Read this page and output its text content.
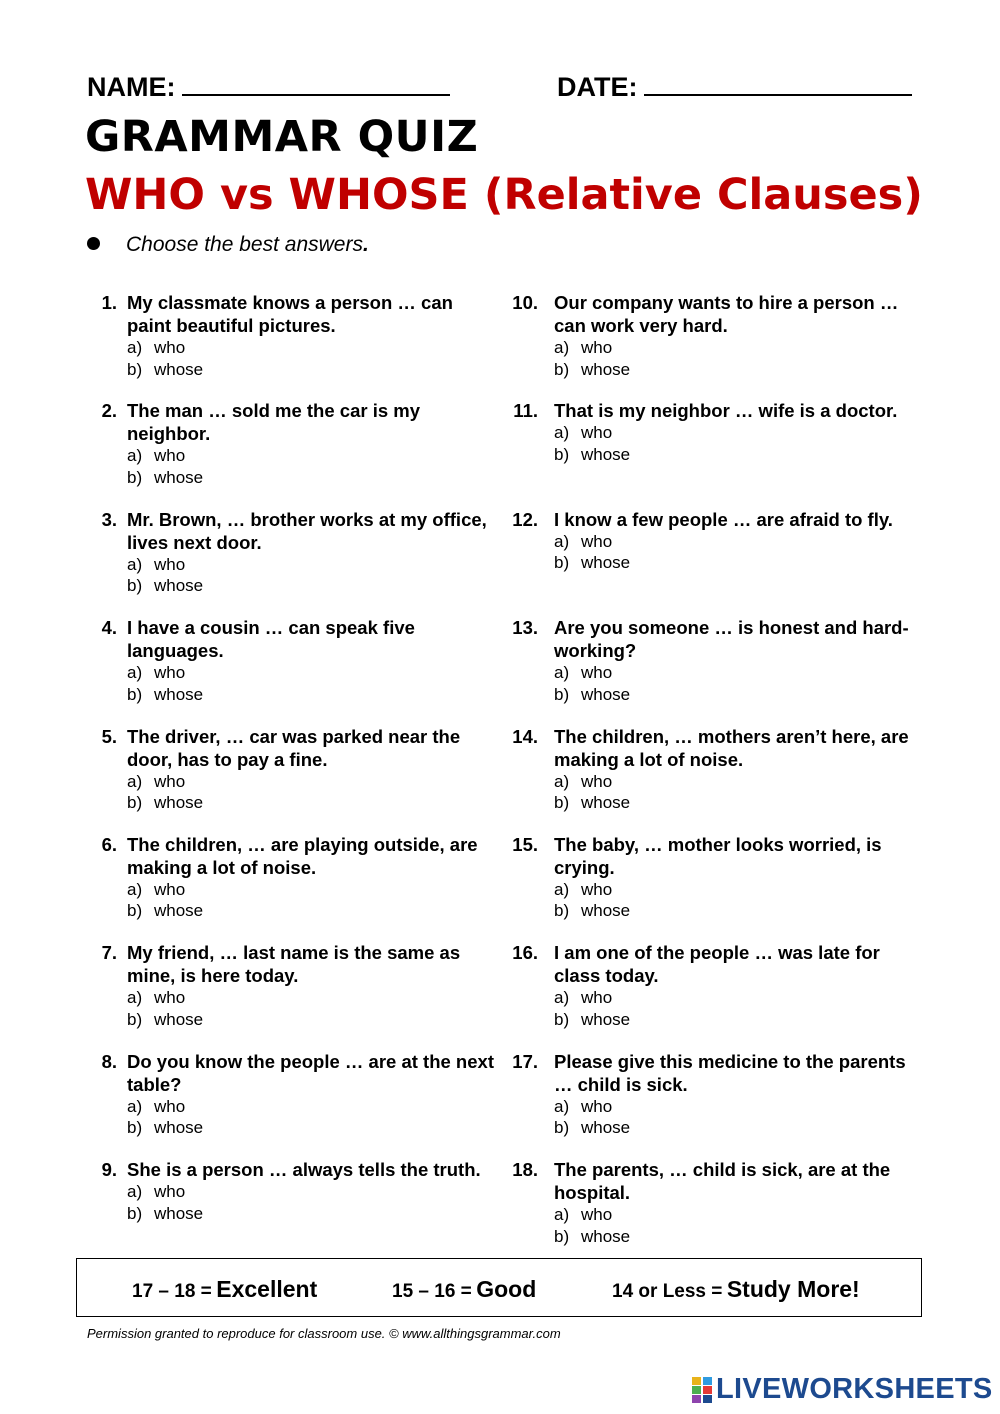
NAME:	DATE:
GRAMMAR QUIZ
WHO vs WHOSE (Relative Clauses)
Choose the best answers.
1. My classmate knows a person … can paint beautiful pictures.
a) who
b) whose
2. The man … sold me the car is my neighbor.
a) who
b) whose
3. Mr. Brown, … brother works at my office, lives next door.
a) who
b) whose
4. I have a cousin … can speak five languages.
a) who
b) whose
5. The driver, … car was parked near the door, has to pay a fine.
a) who
b) whose
6. The children, … are playing outside, are making a lot of noise.
a) who
b) whose
7. My friend, … last name is the same as mine, is here today.
a) who
b) whose
8. Do you know the people … are at the next table?
a) who
b) whose
9. She is a person … always tells the truth.
a) who
b) whose
10. Our company wants to hire a person … can work very hard.
a) who
b) whose
11. That is my neighbor … wife is a doctor.
a) who
b) whose
12. I know a few people … are afraid to fly.
a) who
b) whose
13. Are you someone … is honest and hard-working?
a) who
b) whose
14. The children, … mothers aren’t here, are making a lot of noise.
a) who
b) whose
15. The baby, … mother looks worried, is crying.
a) who
b) whose
16. I am one of the people … was late for class today.
a) who
b) whose
17. Please give this medicine to the parents … child is sick.
a) who
b) whose
18. The parents, … child is sick, are at the hospital.
a) who
b) whose
17 – 18 = Excellent	15 – 16 = Good	14 or Less = Study More!
Permission granted to reproduce for classroom use. © www.allthingsgrammar.com
LIVEWORKSHEETS
